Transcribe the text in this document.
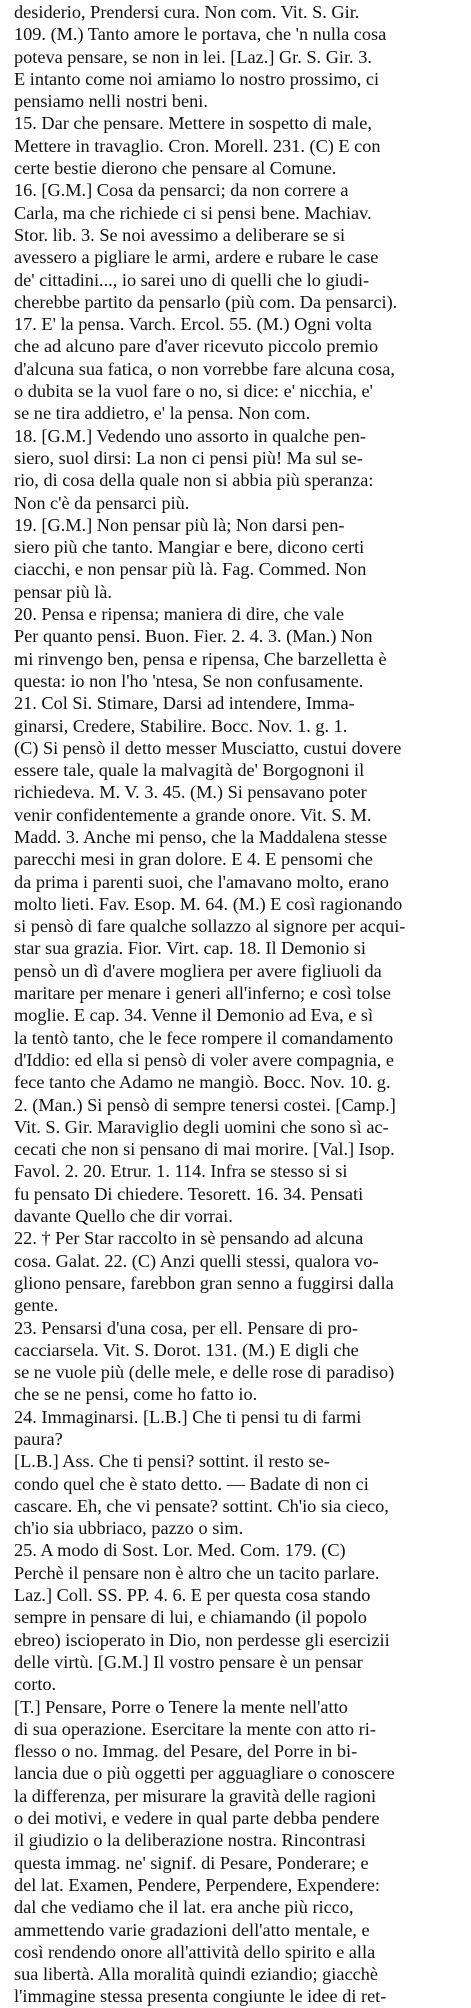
desiderio, Prendersi cura. Non com. Vit. S. Gir.
109. (M.) Tanto amore le portava, che 'n nulla cosa
poteva pensare, se non in lei. [Laz.] Gr. S. Gir. 3.
E intanto come noi amiamo lo nostro prossimo, ci
pensiamo nelli nostri beni.
15. Dar che pensare. Mettere in sospetto di male,
Mettere in travaglio. Cron. Morell. 231. (C) E con
certe bestie dierono che pensare al Comune.
16. [G.M.] Cosa da pensarci; da non correre a
Carla, ma che richiede ci si pensi bene. Machiav.
Stor. lib. 3. Se noi avessimo a deliberare se si
avessero a pigliare le armi, ardere e rubare le case
de' cittadini..., io sarei uno di quelli che lo giudi-
cherebbe partito da pensarlo (più com. Da pensarci).
17. E' la pensa. Varch. Ercol. 55. (M.) Ogni volta
che ad alcuno pare d'aver ricevuto piccolo premio
d'alcuna sua fatica, o non vorrebbe fare alcuna cosa,
o dubita se la vuol fare o no, si dice: e' nicchia, e'
se ne tira addietro, e' la pensa. Non com.
18. [G.M.] Vedendo uno assorto in qualche pen-
siero, suol dirsi: La non ci pensi più! Ma sul se-
rio, di cosa della quale non si abbia più speranza:
Non c'è da pensarci più.
19. [G.M.] Non pensar più là; Non darsi pen-
siero più che tanto. Mangiar e bere, dicono certi
ciacchi, e non pensar più là. Fag. Commed. Non
pensar più là.
20. Pensa e ripensa; maniera di dire, che vale
Per quanto pensi. Buon. Fier. 2. 4. 3. (Man.) Non
mi rinvengo ben, pensa e ripensa, Che barzelletta è
questa: io non l'ho 'ntesa, Se non confusamente.
21. Col Si. Stimare, Darsi ad intendere, Imma-
ginarsi, Credere, Stabilire. Bocc. Nov. 1. g. 1.
(C) Si pensò il detto messer Musciatto, custui dovere
essere tale, quale la malvagità de' Borgognoni il
richiedeva. M. V. 3. 45. (M.) Si pensavano poter
venir confidentemente a grande onore. Vit. S. M.
Madd. 3. Anche mi penso, che la Maddalena stesse
parecchi mesi in gran dolore. E 4. E pensomi che
da prima i parenti suoi, che l'amavano molto, erano
molto lieti. Fav. Esop. M. 64. (M.) E così ragionando
si pensò di fare qualche sollazzo al signore per acqui-
star sua grazia. Fior. Virt. cap. 18. Il Demonio si
pensò un dì d'avere mogliera per avere figliuoli da
maritare per menare i generi all'inferno; e così tolse
moglie. E cap. 34. Venne il Demonio ad Eva, e sì
la tentò tanto, che le fece rompere il comandamento
d'Iddio: ed ella si pensò di voler avere compagnia, e
fece tanto che Adamo ne mangiò. Bocc. Nov. 10. g.
2. (Man.) Si pensò di sempre tenersi costei. [Camp.]
Vit. S. Gir. Maraviglio degli uomini che sono sì ac-
cecati che non si pensano di mai morire. [Val.] Isop.
Favol. 2. 20. Etrur. 1. 114. Infra se stesso si si
fu pensato Di chiedere. Tesorett. 16. 34. Pensati
davante Quello che dir vorrai.
22. † Per Star raccolto in sè pensando ad alcuna
cosa. Galat. 22. (C) Anzi quelli stessi, qualora vo-
gliono pensare, farebbon gran senno a fuggirsi dalla
gente.
23. Pensarsi d'una cosa, per ell. Pensare di pro-
cacciarsela. Vit. S. Dorot. 131. (M.) E digli che
se ne vuole più (delle mele, e delle rose di paradiso)
che se ne pensi, come ho fatto io.
24. Immaginarsi. [L.B.] Che ti pensi tu di farmi
paura?
[L.B.] Ass. Che ti pensi? sottint. il resto se-
condo quel che è stato detto. — Badate di non ci
cascare. Eh, che vi pensate? sottint. Ch'io sia cieco,
ch'io sia ubbriaco, pazzo o sim.
25. A modo di Sost. Lor. Med. Com. 179. (C)
Perchè il pensare non è altro che un tacito parlare.
Laz.] Coll. SS. PP. 4. 6. E per questa cosa stando
sempre in pensare di lui, e chiamando (il popolo
ebreo) iscioperato in Dio, non perdesse gli esercizii
delle virtù. [G.M.] Il vostro pensare è un pensar
corto.
[T.] Pensare, Porre o Tenere la mente nell'atto
di sua operazione. Esercitare la mente con atto ri-
flesso o no. Immag. del Pesare, del Porre in bi-
lancia due o più oggetti per agguagliare o conoscere
la differenza, per misurare la gravità delle ragioni
o dei motivi, e vedere in qual parte debba pendere
il giudizio o la deliberazione nostra. Rincontrasi
questa immag. ne' signif. di Pesare, Ponderare; e
del lat. Examen, Pendere, Perpendere, Expendere:
dal che vediamo che il lat. era anche più ricco,
ammettendo varie gradazioni dell'atto mentale, e
così rendendo onore all'attività dello spirito e alla
sua libertà. Alla moralità quindi eziandio; giacchè
l'immagine stessa presenta congiunte le idee di ret-
